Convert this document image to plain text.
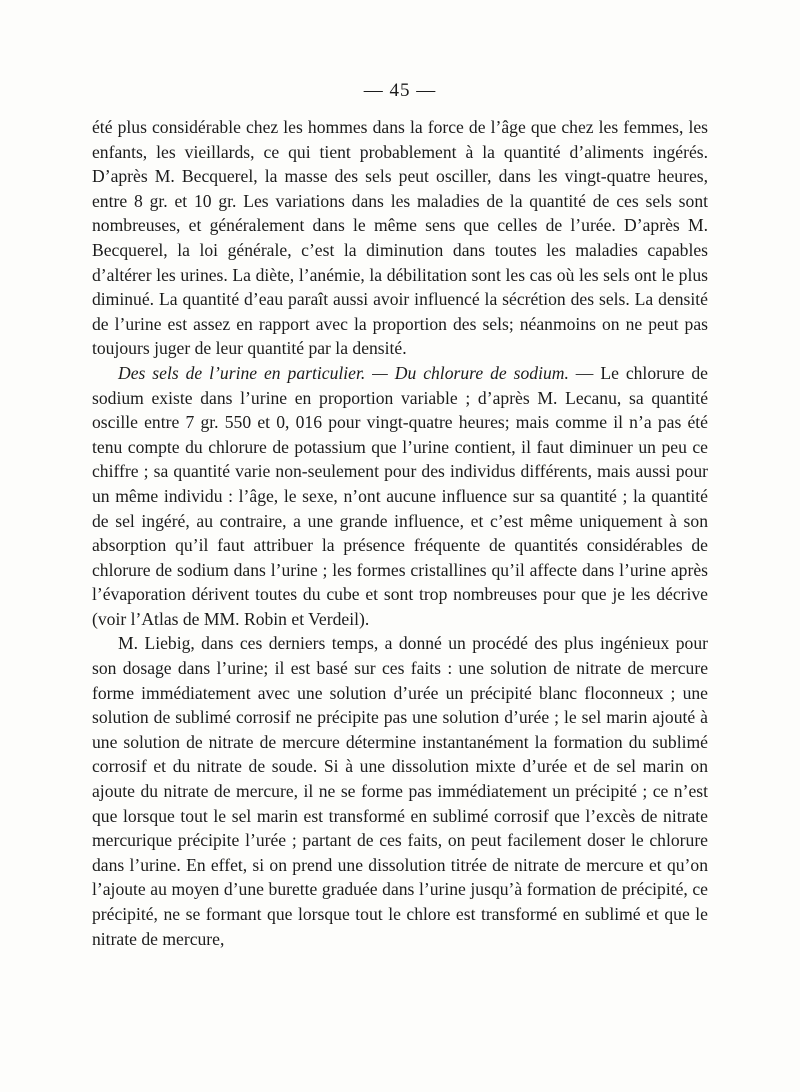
— 45 —

été plus considérable chez les hommes dans la force de l’âge que chez les femmes, les enfants, les vieillards, ce qui tient probablement à la quantité d’aliments ingérés. D’après M. Becquerel, la masse des sels peut osciller, dans les vingt-quatre heures, entre 8 gr. et 10 gr. Les variations dans les maladies de la quantité de ces sels sont nombreuses, et généralement dans le même sens que celles de l’urée. D’après M. Becquerel, la loi générale, c’est la diminution dans toutes les maladies capables d’altérer les urines. La diète, l’anémie, la débilitation sont les cas où les sels ont le plus diminué. La quantité d’eau paraît aussi avoir influencé la sécrétion des sels. La densité de l’urine est assez en rapport avec la proportion des sels; néanmoins on ne peut pas toujours juger de leur quantité par la densité.

Des sels de l’urine en particulier. — Du chlorure de sodium. — Le chlorure de sodium existe dans l’urine en proportion variable ; d’après M. Lecanu, sa quantité oscille entre 7 gr. 550 et 0, 016 pour vingt-quatre heures; mais comme il n’a pas été tenu compte du chlorure de potassium que l’urine contient, il faut diminuer un peu ce chiffre ; sa quantité varie non-seulement pour des individus différents, mais aussi pour un même individu : l’âge, le sexe, n’ont aucune influence sur sa quantité ; la quantité de sel ingéré, au contraire, a une grande influence, et c’est même uniquement à son absorption qu’il faut attribuer la présence fréquente de quantités considérables de chlorure de sodium dans l’urine ; les formes cristallines qu’il affecte dans l’urine après l’évaporation dérivent toutes du cube et sont trop nombreuses pour que je les décrive (voir l’Atlas de MM. Robin et Verdeil).

M. Liebig, dans ces derniers temps, a donné un procédé des plus ingénieux pour son dosage dans l’urine; il est basé sur ces faits : une solution de nitrate de mercure forme immédiatement avec une solution d’urée un précipité blanc floconneux ; une solution de sublimé corrosif ne précipite pas une solution d’urée ; le sel marin ajouté à une solution de nitrate de mercure détermine instantanément la formation du sublimé corrosif et du nitrate de soude. Si à une dissolution mixte d’urée et de sel marin on ajoute du nitrate de mercure, il ne se forme pas immédiatement un précipité ; ce n’est que lorsque tout le sel marin est transformé en sublimé corrosif que l’excès de nitrate mercurique précipite l’urée ; partant de ces faits, on peut facilement doser le chlorure dans l’urine. En effet, si on prend une dissolution titrée de nitrate de mercure et qu’on l’ajoute au moyen d’une burette graduée dans l’urine jusqu’à formation de précipité, ce précipité, ne se formant que lorsque tout le chlore est transformé en sublimé et que le nitrate de mercure,
